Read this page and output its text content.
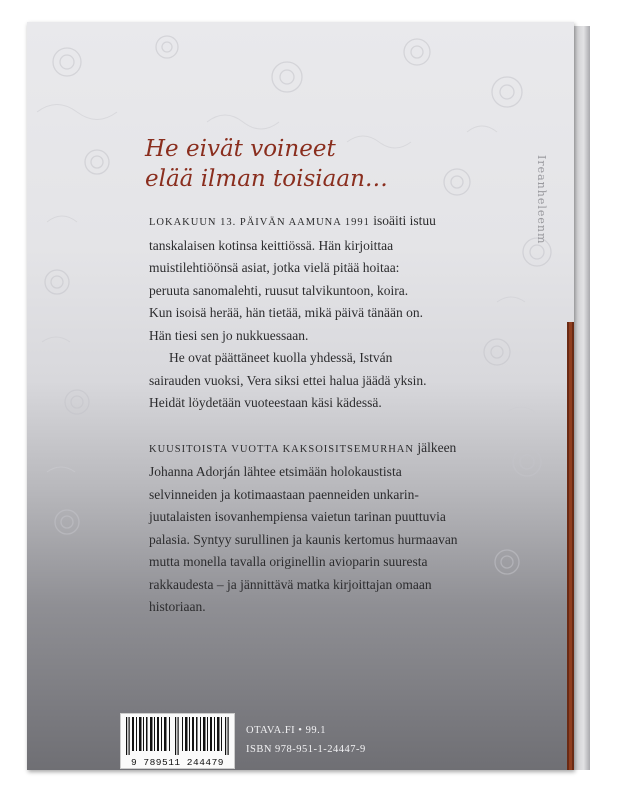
He eivät voineet
elää ilman toisiaan…
LOKAKUUN 13. PÄIVÄN AAMUNA 1991 isoäiti istuu
tanskalaisen kotinsa keittiössä. Hän kirjoittaa
muistilehtiöönsä asiat, jotka vielä pitää hoitaa:
peruuta sanomalehti, ruusut talvikuntoon, koira.
Kun isoisä herää, hän tietää, mikä päivä tänään on.
Hän tiesi sen jo nukkuessaan.
He ovat päättäneet kuolla yhdessä, István
sairauden vuoksi, Vera siksi ettei halua jäädä yksin.
Heidät löydetään vuoteestaan käsi kädessä.
KUUSITOISTA VUOTTA KAKSOISITSEMURHAN jälkeen
Johanna Adorján lähtee etsimään holokaustista
selvinneiden ja kotimaastaan paenneiden unkarin-
juutalaisten isovanhempiensa vaietun tarinan puuttuvia
palasia. Syntyy surullinen ja kaunis kertomus hurmaavan
mutta monella tavalla originellin avioparin suuresta
rakkaudesta – ja jännittävä matka kirjoittajan omaan
historiaan.
Ireanheleenm
9 789511 244479
OTAVA.FI • 99.1
ISBN 978-951-1-24447-9
